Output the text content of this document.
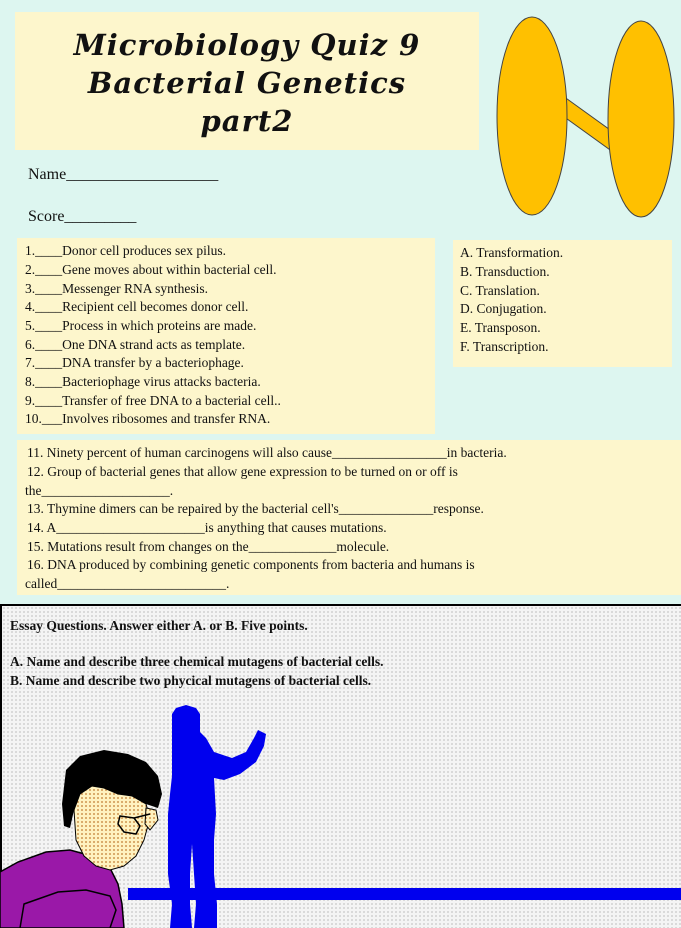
Microbiology Quiz 9
Bacterial Genetics
part2
Name___________________
Score_________
1.____Donor cell produces sex pilus.
2.____Gene moves about within bacterial cell.
3.____Messenger RNA synthesis.
4.____Recipient cell becomes donor cell.
5.____Process in which proteins are made.
6.____One DNA strand acts as template.
7.____DNA transfer by a bacteriophage.
8.____Bacteriophage virus attacks bacteria.
9.____Transfer of free DNA to a bacterial cell..
10.___Involves ribosomes and transfer RNA.
A. Transformation.
B. Transduction.
C. Translation.
D. Conjugation.
E. Transposon.
F. Transcription.
11. Ninety percent of human carcinogens will also cause_________________in bacteria.
12. Group of bacterial genes that allow gene expression to be turned on or off is
the___________________.
13. Thymine dimers can be repaired by the bacterial cell's______________response.
14. A______________________is anything that causes mutations.
15. Mutations result from changes on the_____________molecule.
16. DNA produced by combining genetic components from bacteria and humans is
called_________________________.
Essay Questions. Answer either A. or B. Five points.
A. Name and describe three chemical mutagens of bacterial cells.
B. Name and describe two phycical mutagens of bacterial cells.
